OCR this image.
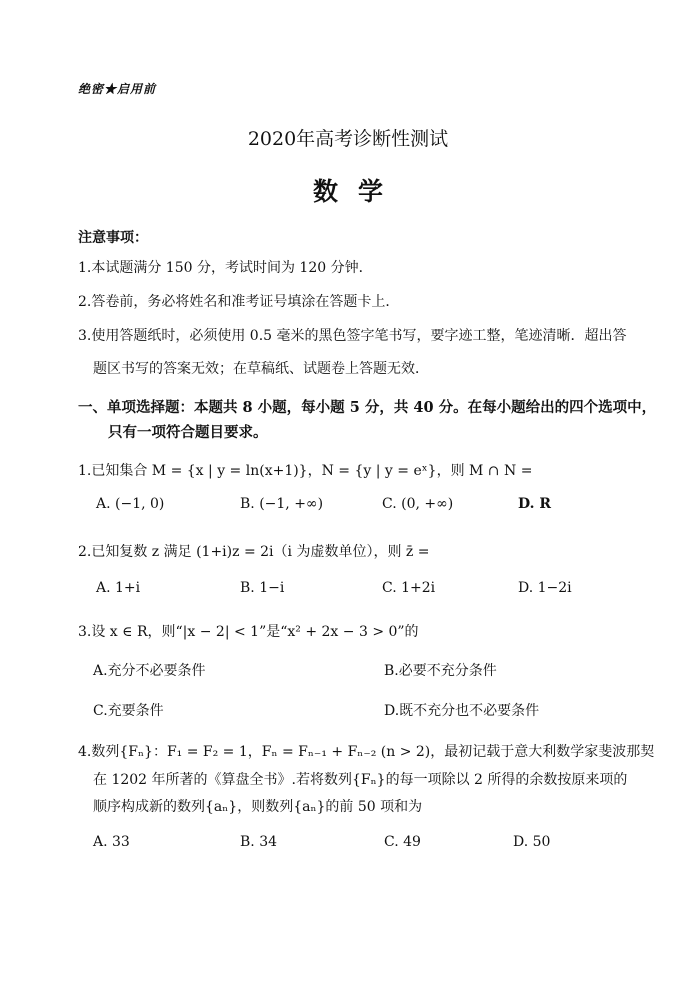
绝密★启用前
2020年高考诊断性测试
数学
注意事项：
1.本试题满分 150 分，考试时间为 120 分钟．
2.答卷前，务必将姓名和准考证号填涂在答题卡上．
3.使用答题纸时，必须使用 0.5 毫米的黑色签字笔书写，要字迹工整，笔迹清晰．超出答
题区书写的答案无效；在草稿纸、试题卷上答题无效．
一、单项选择题：本题共 8 小题，每小题 5 分，共 40 分。在每小题给出的四个选项中，
只有一项符合题目要求。
1.已知集合 M = {x | y = ln(x+1)}，N = {y | y = eˣ}，则 M ∩ N =
A. (−1, 0)	B. (−1, +∞)	C. (0, +∞)	D. R
2.已知复数 z 满足 (1+i)z = 2i（i 为虚数单位），则 z̄ =
A. 1+i	B. 1−i	C. 1+2i	D. 1−2i
3.设 x ∈ R，则“|x − 2| < 1”是“x² + 2x − 3 > 0”的
A.充分不必要条件	B.必要不充分条件
C.充要条件	D.既不充分也不必要条件
4.数列{Fₙ}：F₁ = F₂ = 1，Fₙ = Fₙ₋₁ + Fₙ₋₂ (n > 2)，最初记载于意大利数学家斐波那契
在 1202 年所著的《算盘全书》.若将数列{Fₙ}的每一项除以 2 所得的余数按原来项的
顺序构成新的数列{aₙ}，则数列{aₙ}的前 50 项和为
A. 33	B. 34	C. 49	D. 50
